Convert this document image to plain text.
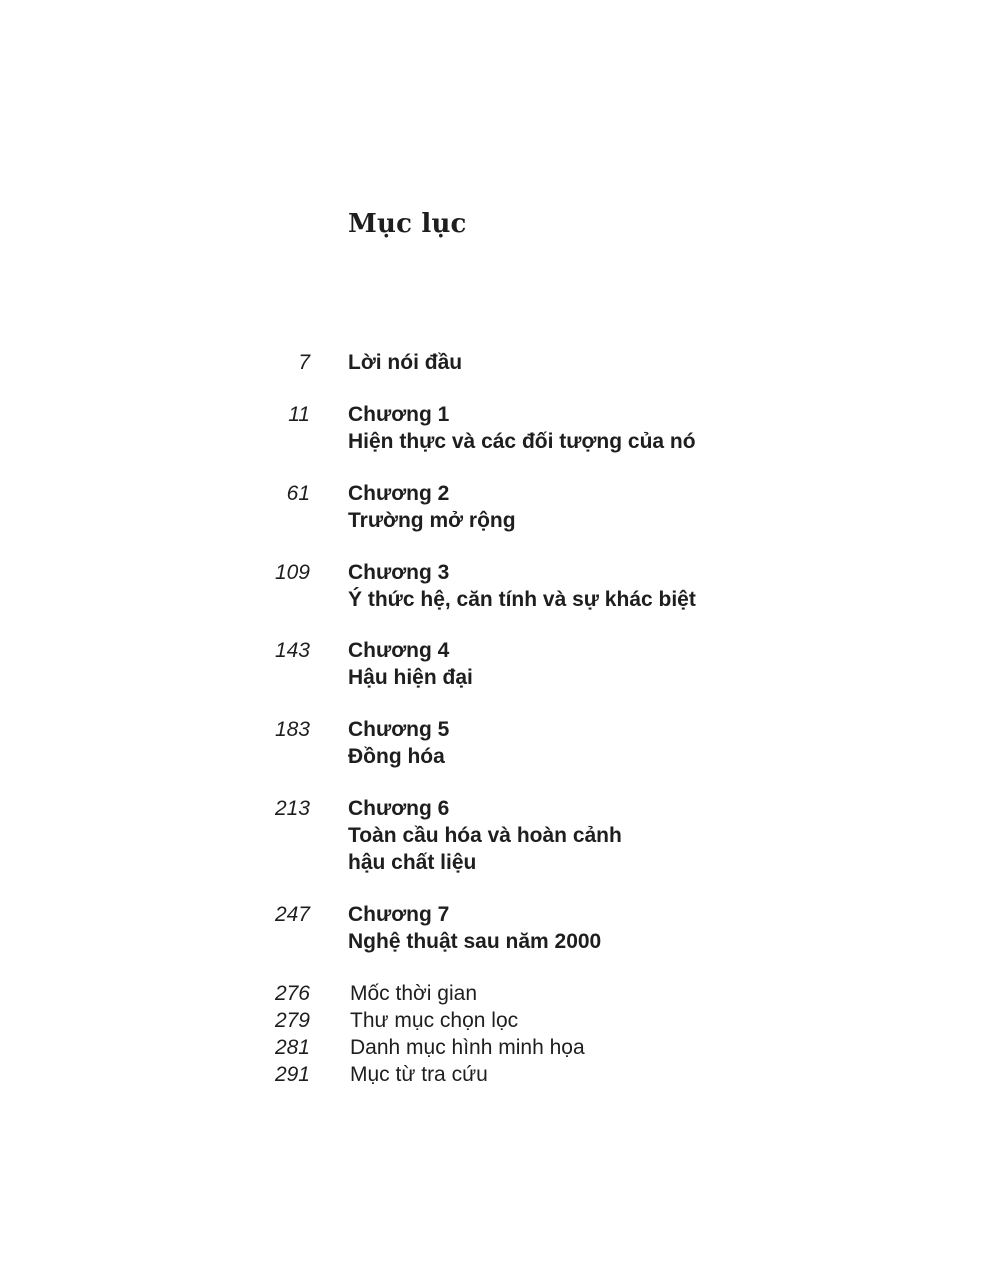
Mục lục
7 Lời nói đầu
11 Chương 1
Hiện thực và các đối tượng của nó
61 Chương 2
Trường mở rộng
109 Chương 3
Ý thức hệ, căn tính và sự khác biệt
143 Chương 4
Hậu hiện đại
183 Chương 5
Đồng hóa
213 Chương 6
Toàn cầu hóa và hoàn cảnh
hậu chất liệu
247 Chương 7
Nghệ thuật sau năm 2000
276 Mốc thời gian
279 Thư mục chọn lọc
281 Danh mục hình minh họa
291 Mục từ tra cứu
